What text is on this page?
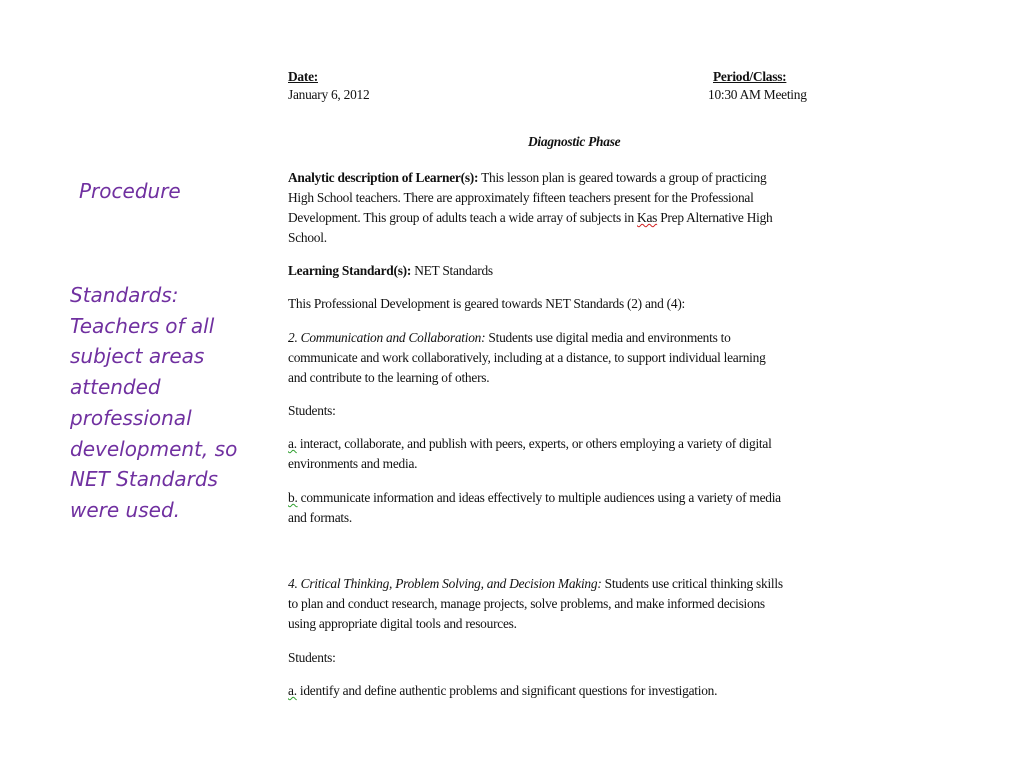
Procedure
Standards:
Teachers of all
subject areas
attended
professional
development, so
NET Standards
were used.
Date:
January 6, 2012
Period/Class:
10:30 AM Meeting
Diagnostic Phase
Analytic description of Learner(s): This lesson plan is geared towards a group of practicing
High School teachers. There are approximately fifteen teachers present for the Professional
Development. This group of adults teach a wide array of subjects in Kas Prep Alternative High
School.
Learning Standard(s): NET Standards
This Professional Development is geared towards NET Standards (2) and (4):
2. Communication and Collaboration: Students use digital media and environments to
communicate and work collaboratively, including at a distance, to support individual learning
and contribute to the learning of others.
Students:
a. interact, collaborate, and publish with peers, experts, or others employing a variety of digital
environments and media.
b. communicate information and ideas effectively to multiple audiences using a variety of media
and formats.
4. Critical Thinking, Problem Solving, and Decision Making: Students use critical thinking skills
to plan and conduct research, manage projects, solve problems, and make informed decisions
using appropriate digital tools and resources.
Students:
a. identify and define authentic problems and significant questions for investigation.
